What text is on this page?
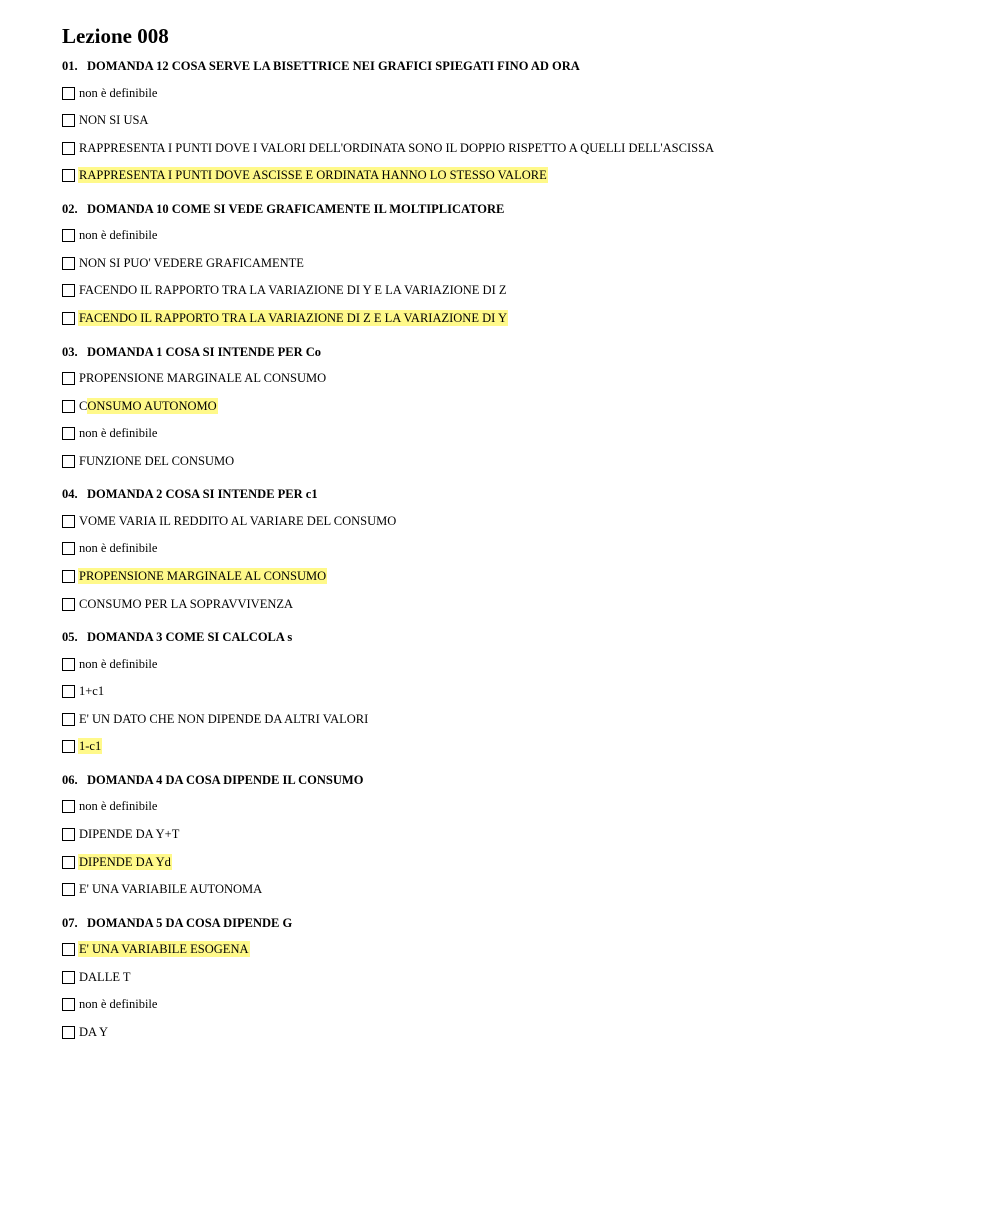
Lezione 008
01. DOMANDA 12 COSA SERVE LA BISETTRICE NEI GRAFICI SPIEGATI FINO AD ORA
non è definibile
NON SI USA
RAPPRESENTA I PUNTI DOVE I VALORI DELL'ORDINATA SONO IL DOPPIO RISPETTO A QUELLI DELL'ASCISSA
RAPPRESENTA I PUNTI DOVE ASCISSE E ORDINATA HANNO LO STESSO VALORE
02. DOMANDA 10 COME SI VEDE GRAFICAMENTE IL MOLTIPLICATORE
non è definibile
NON SI PUO' VEDERE GRAFICAMENTE
FACENDO IL RAPPORTO TRA LA VARIAZIONE DI Y E LA VARIAZIONE DI Z
FACENDO IL RAPPORTO TRA LA VARIAZIONE DI Z E LA VARIAZIONE DI Y
03. DOMANDA 1 COSA SI INTENDE PER Co
PROPENSIONE MARGINALE AL CONSUMO
CONSUMO AUTONOMO
non è definibile
FUNZIONE DEL CONSUMO
04. DOMANDA 2 COSA SI INTENDE PER c1
VOME VARIA IL REDDITO AL VARIARE DEL CONSUMO
non è definibile
PROPENSIONE MARGINALE AL CONSUMO
CONSUMO PER LA SOPRAVVIVENZA
05. DOMANDA 3 COME SI CALCOLA s
non è definibile
1+c1
E' UN DATO CHE NON DIPENDE DA ALTRI VALORI
1-c1
06. DOMANDA 4 DA COSA DIPENDE IL CONSUMO
non è definibile
DIPENDE DA Y+T
DIPENDE DA Yd
E' UNA VARIABILE AUTONOMA
07. DOMANDA 5 DA COSA DIPENDE G
E' UNA VARIABILE ESOGENA
DALLE T
non è definibile
DA Y
